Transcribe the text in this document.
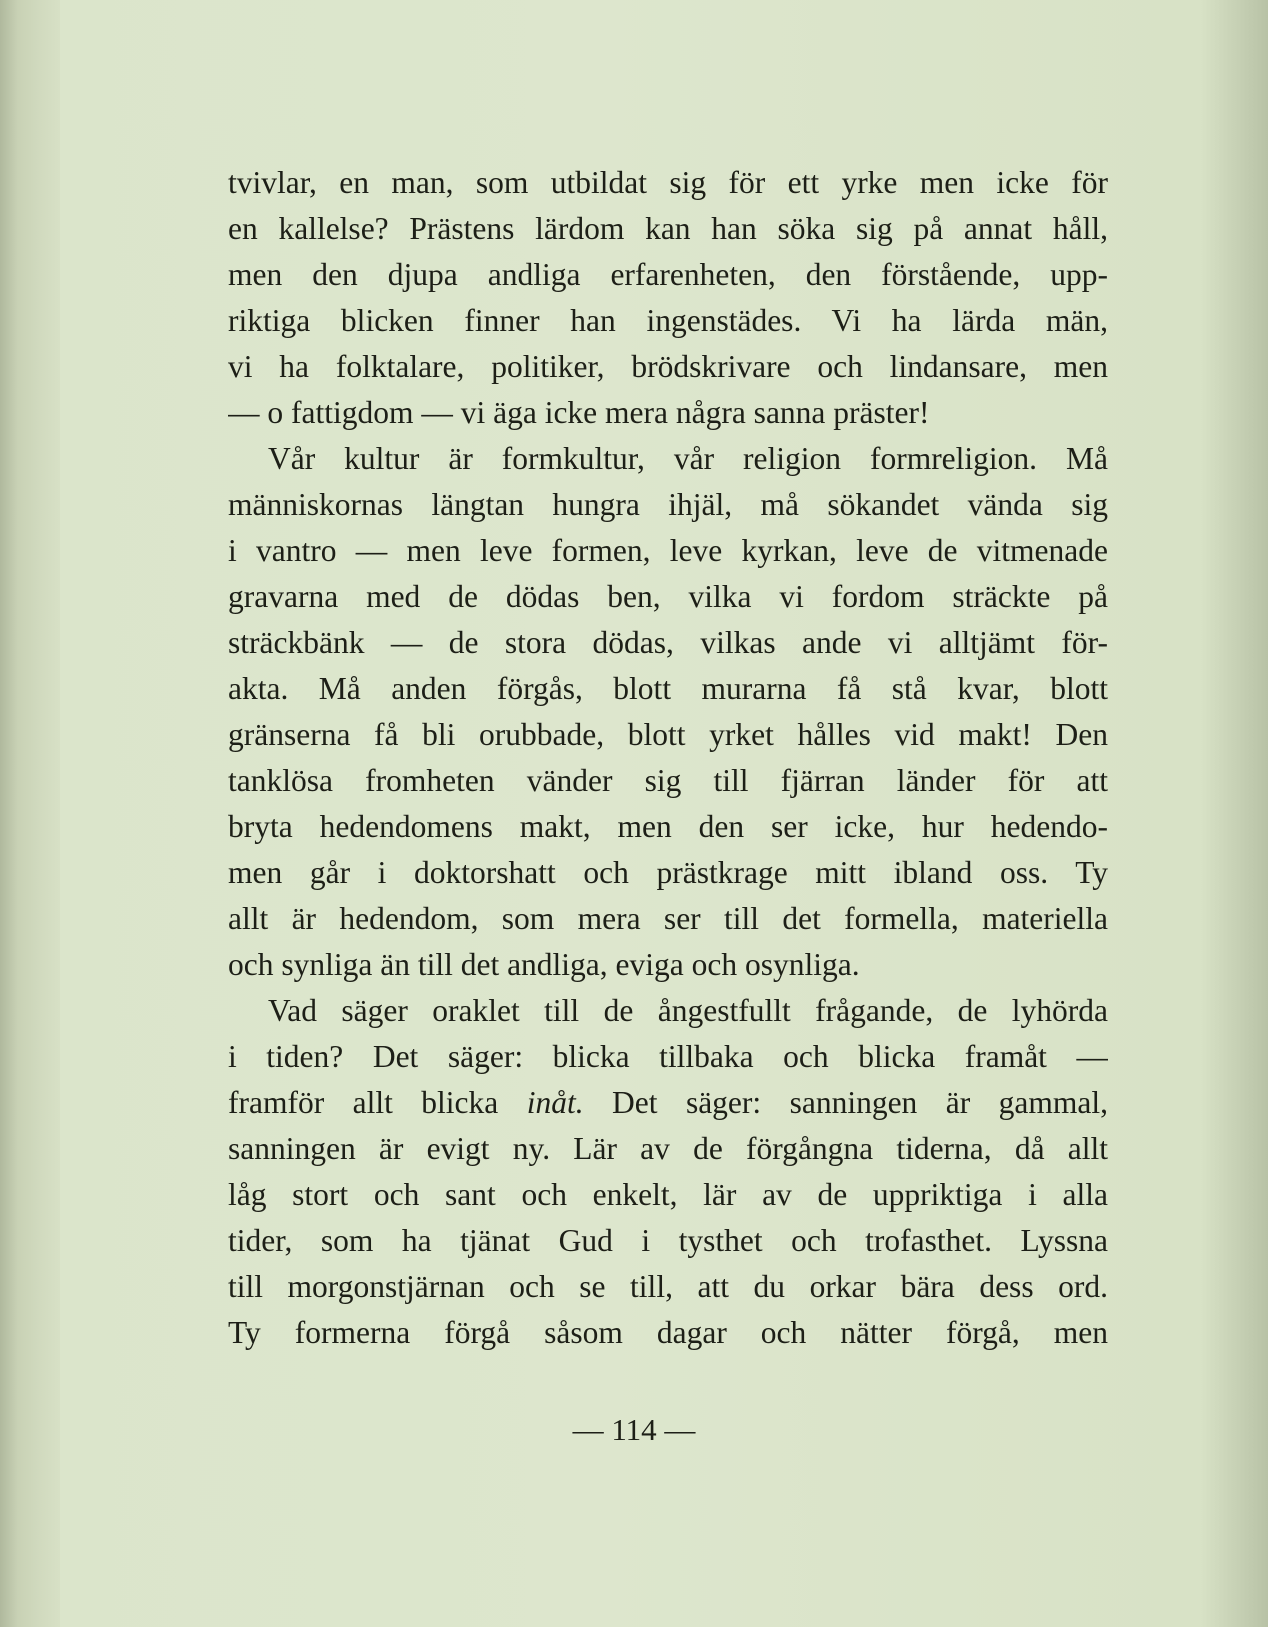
tvivlar, en man, som utbildat sig för ett yrke men icke för
en kallelse? Prästens lärdom kan han söka sig på annat håll,
men den djupa andliga erfarenheten, den förstående, upp-
riktiga blicken finner han ingenstädes. Vi ha lärda män,
vi ha folktalare, politiker, brödskrivare och lindansare, men
— o fattigdom — vi äga icke mera några sanna präster!
Vår kultur är formkultur, vår religion formreligion. Må
människornas längtan hungra ihjäl, må sökandet vända sig
i vantro — men leve formen, leve kyrkan, leve de vitmenade
gravarna med de dödas ben, vilka vi fordom sträckte på
sträckbänk — de stora dödas, vilkas ande vi alltjämt för-
akta. Må anden förgås, blott murarna få stå kvar, blott
gränserna få bli orubbade, blott yrket hålles vid makt! Den
tanklösa fromheten vänder sig till fjärran länder för att
bryta hedendomens makt, men den ser icke, hur hedendo-
men går i doktorshatt och prästkrage mitt ibland oss. Ty
allt är hedendom, som mera ser till det formella, materiella
och synliga än till det andliga, eviga och osynliga.
Vad säger oraklet till de ångestfullt frågande, de lyhörda
i tiden? Det säger: blicka tillbaka och blicka framåt —
framför allt blicka inåt. Det säger: sanningen är gammal,
sanningen är evigt ny. Lär av de förgångna tiderna, då allt
låg stort och sant och enkelt, lär av de uppriktiga i alla
tider, som ha tjänat Gud i tysthet och trofasthet. Lyssna
till morgonstjärnan och se till, att du orkar bära dess ord.
Ty formerna förgå såsom dagar och nätter förgå, men
— 114 —
